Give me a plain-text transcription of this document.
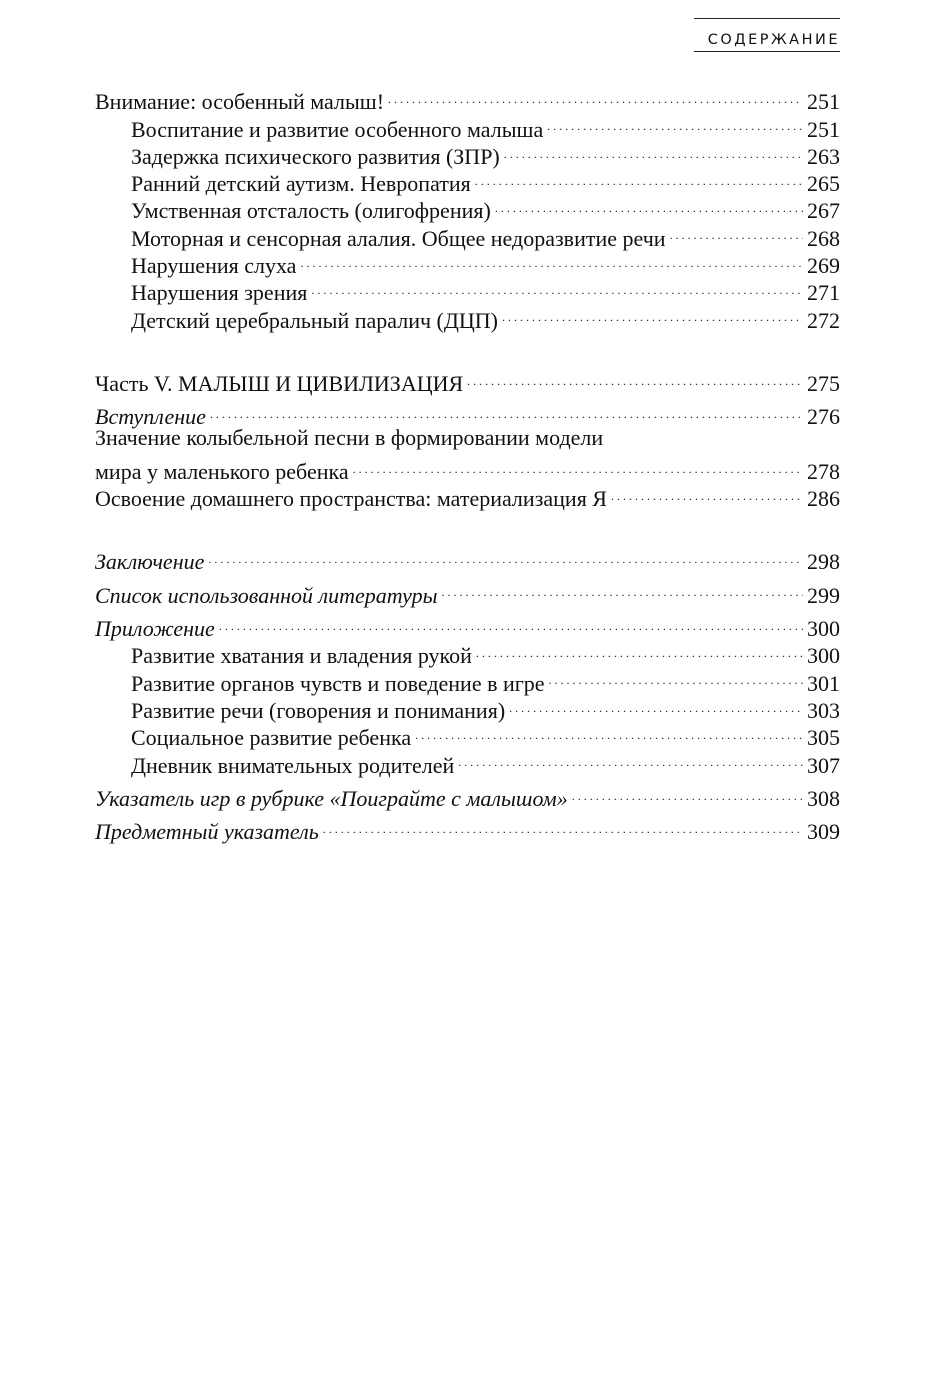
СОДЕРЖАНИЕ
Внимание: особенный малыш! . . .	251
Воспитание и развитие особенного малыша . . .	251
Задержка психического развития (ЗПР) . . .	263
Ранний детский аутизм. Невропатия . . .	265
Умственная отсталость (олигофрения) . . .	267
Моторная и сенсорная алалия. Общее недоразвитие речи . . .	268
Нарушения слуха . . .	269
Нарушения зрения . . .	271
Детский церебральный паралич (ДЦП) . . .	272
Часть V. МАЛЫШ И ЦИВИЛИЗАЦИЯ . . .	275
Вступление . . .	276
Значение колыбельной песни в формировании модели
мира у маленького ребенка . . .	278
Освоение домашнего пространства: материализация Я . . .	286
Заключение . . .	298
Список использованной литературы . . .	299
Приложение . . .	300
Развитие хватания и владения рукой . . .	300
Развитие органов чувств и поведение в игре . . .	301
Развитие речи (говорения и понимания) . . .	303
Социальное развитие ребенка . . .	305
Дневник внимательных родителей . . .	307
Указатель игр в рубрике «Поиграйте с малышом» . . .	308
Предметный указатель . . .	309
